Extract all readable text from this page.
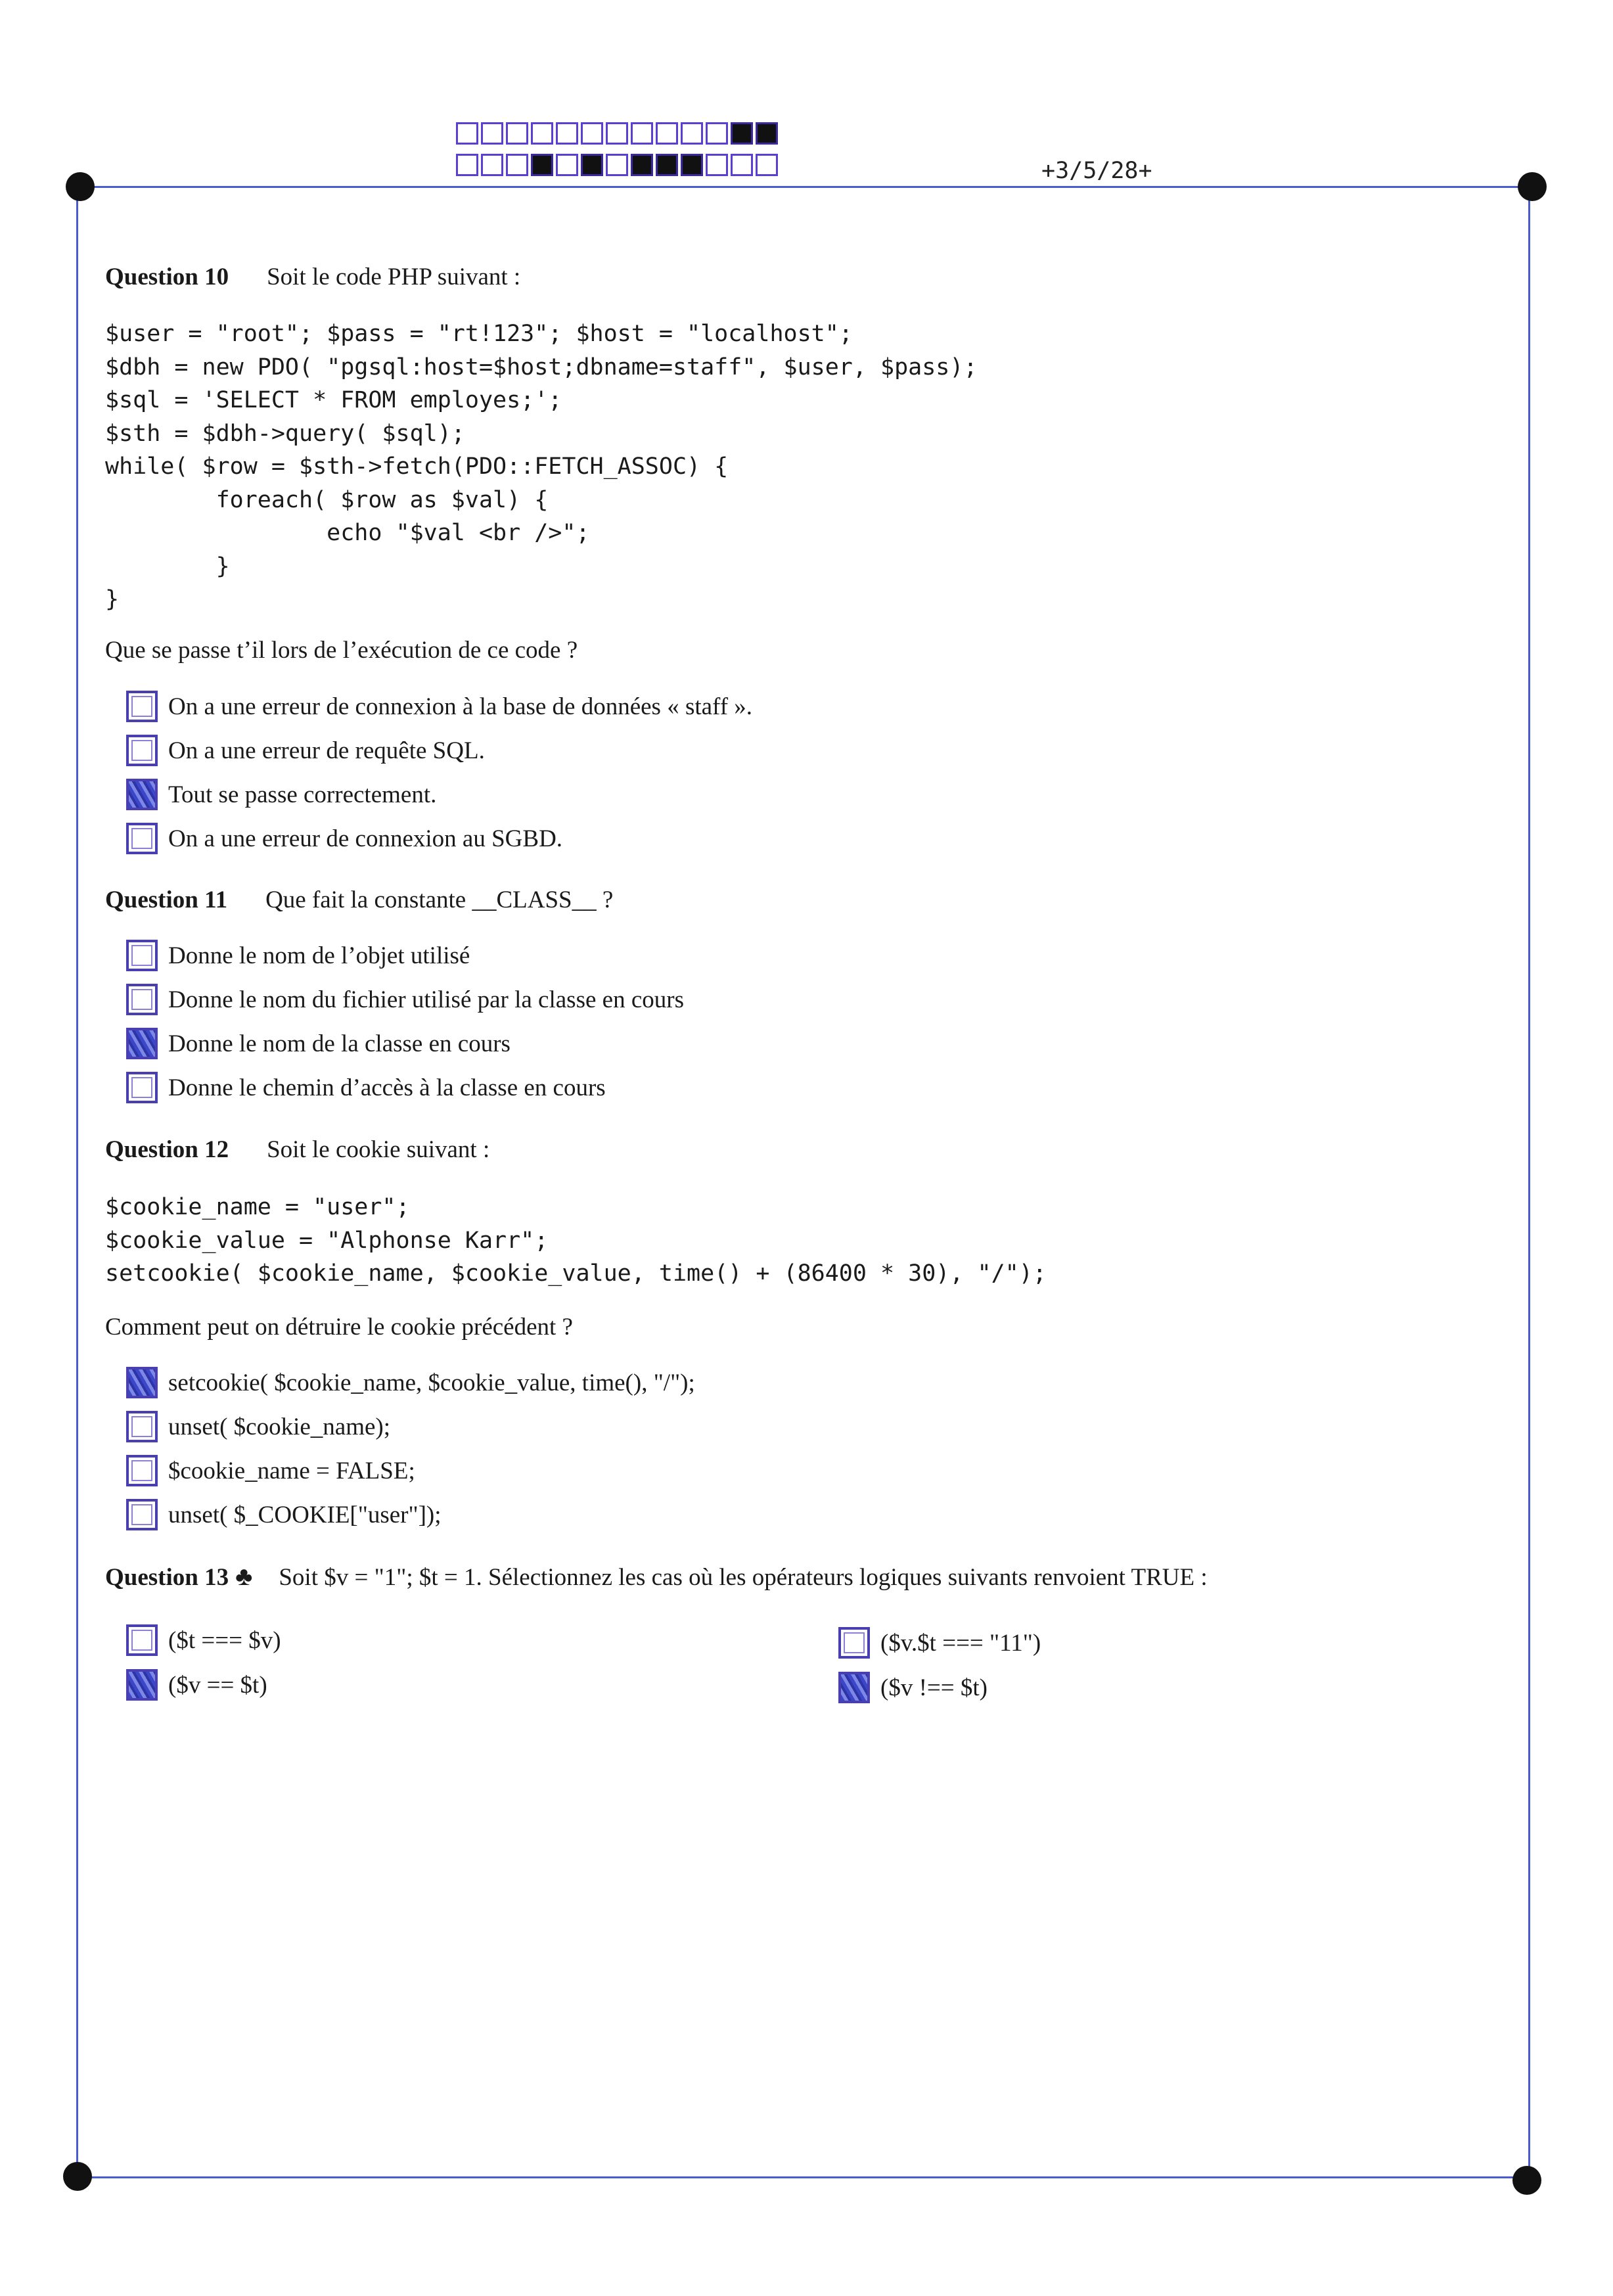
+3/5/28+
Question 10 Soit le code PHP suivant :
$user = "root"; $pass = "rt!123"; $host = "localhost";
$dbh = new PDO( "pgsql:host=$host;dbname=staff", $user, $pass);
$sql = 'SELECT * FROM employes;';
$sth = $dbh->query( $sql);
while( $row = $sth->fetch(PDO::FETCH_ASSOC) {
foreach( $row as $val) {
echo "$val <br />";
}
}
Que se passe t’il lors de l’exécution de ce code ?
On a une erreur de connexion à la base de données « staff ».
On a une erreur de requête SQL.
Tout se passe correctement.
On a une erreur de connexion au SGBD.
Question 11 Que fait la constante __CLASS__ ?
Donne le nom de l’objet utilisé
Donne le nom du fichier utilisé par la classe en cours
Donne le nom de la classe en cours
Donne le chemin d’accès à la classe en cours
Question 12 Soit le cookie suivant :
$cookie_name = "user";
$cookie_value = "Alphonse Karr";
setcookie( $cookie_name, $cookie_value, time() + (86400 * 30), "/");
Comment peut on détruire le cookie précédent ?
setcookie( $cookie_name, $cookie_value, time(), "/");
unset( $cookie_name);
$cookie_name = FALSE;
unset( $_COOKIE["user"]);
Question 13 ♣ Soit $v = "1"; $t = 1. Sélectionnez les cas où les opérateurs logiques suivants renvoient TRUE :
($t === $v)
($v == $t)
($v.$t === "11")
($v !== $t)
